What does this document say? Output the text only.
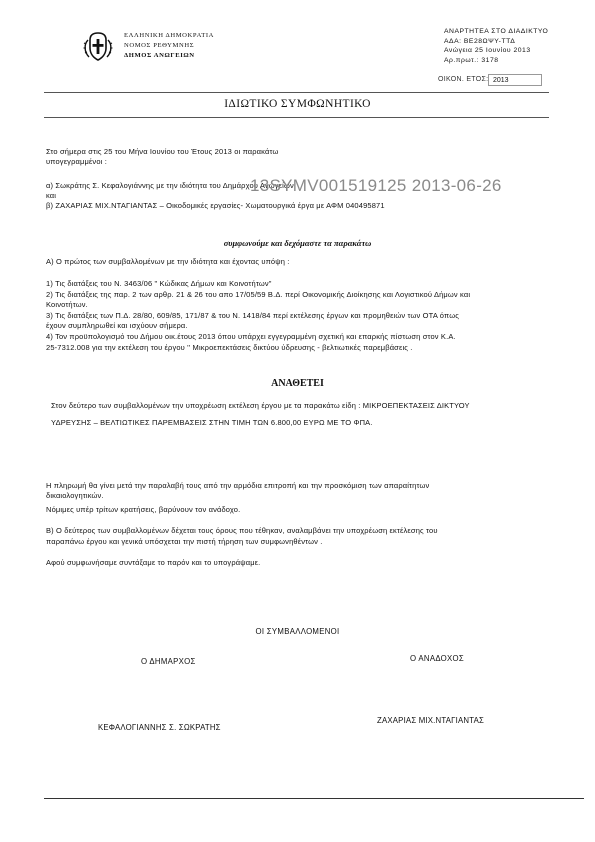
ΕΛΛΗΝΙΚΗ ΔΗΜΟΚΡΑΤΙΑ
ΝΟΜΟΣ ΡΕΘΥΜΝΗΣ
ΔΗΜΟΣ ΑΝΩΓΕΙΩΝ
ΑΝΑΡΤΗΤΕΑ ΣΤΟ ΔΙΑΔΙΚΤΥΟ
ΑΔΑ: ΒΕ28ΩΨΥ-ΤΤΔ
Ανώγεια 25 Ιουνίου 2013
Αρ.πρωτ.: 3178
ΟΙΚΟΝ. ΕΤΟΣ: 2013
ΙΔΙΩΤΙΚΟ ΣΥΜΦΩΝΗΤΙΚΟ
Στο σήμερα στις 25 του Μήνα Ιουνίου του Έτους 2013 οι παρακάτω
υπογεγραμμένοι :
α) Σωκράτης Σ. Κεφαλογιάννης με την ιδιότητα του Δημάρχου Ανωγείων
και
β) ΖΑΧΑΡΙΑΣ ΜΙΧ.ΝΤΑΓΙΑΝΤΑΣ – Οικοδομικές εργασίες- Χωματουργικά έργα με ΑΦΜ 040495871
13SYMV001519125 2013-06-26
συμφωνούμε και δεχόμαστε τα παρακάτω
Α) Ο πρώτος των συμβαλλομένων με την ιδιότητα και έχοντας υπόψη :
1) Τις διατάξεις του Ν. 3463/06 " Κώδικας Δήμων και Κοινοτήτων"
2) Τις διατάξεις της παρ. 2 των αρθρ. 21 & 26 του απο 17/05/59 Β.Δ. περί Οικονομικής Διοίκησης και Λογιστικού Δήμων και
Κοινοτήτων.
3) Τις διατάξεις των Π.Δ. 28/80, 609/85, 171/87 & του Ν. 1418/84 περί εκτέλεσης έργων και προμηθειών των ΟΤΑ όπως
έχουν συμπληρωθεί και ισχύουν σήμερα.
4) Τον προϋπολογισμό του Δήμου οικ.έτους 2013 όπου υπάρχει εγγεγραμμένη σχετική και επαρκής πίστωση στον Κ.Α.
25-7312.008 για την εκτέλεση του έργου '' Μικροεπεκτάσεις δικτύου ύδρευσης - βελτιωτικές παρεμβάσεις .
ΑΝΑΘΕΤΕΙ
Στον δεύτερο των συμβαλλομένων την υποχρέωση εκτέλεση έργου με τα παρακάτω είδη : ΜΙΚΡΟΕΠΕΚΤΑΣΕΙΣ ΔΙΚΤΥΟΥ
ΥΔΡΕΥΣΗΣ – ΒΕΛΤΙΩΤΙΚΕΣ ΠΑΡΕΜΒΑΣΕΙΣ ΣΤΗΝ ΤΙΜΗ ΤΩΝ 6.800,00 ΕΥΡΩ ΜΕ ΤΟ ΦΠΑ.
Η πληρωμή θα γίνει μετά την παραλαβή τους από την αρμόδια επιτροπή και την προσκόμιση των απαραίτητων
δικαιολογητικών.
Νόμιμες υπέρ τρίτων κρατήσεις, βαρύνουν τον ανάδοχο.
Β) Ο δεύτερος των συμβαλλομένων δέχεται τους όρους που τέθηκαν, αναλαμβάνει την υποχρέωση εκτέλεσης του
παραπάνω έργου και γενικά υπόσχεται την πιστή τήρηση των συμφωνηθέντων .
Αφού συμφωνήσαμε συντάξαμε το παρόν και το υπογράψαμε.
ΟΙ ΣΥΜΒΑΛΛΟΜΕΝΟΙ
Ο ΔΗΜΑΡΧΟΣ	Ο ΑΝΑΔΟΧΟΣ
ΚΕΦΑΛΟΓΙΑΝΝΗΣ Σ. ΣΩΚΡΑΤΗΣ
ΖΑΧΑΡΙΑΣ ΜΙΧ.ΝΤΑΓΙΑΝΤΑΣ
